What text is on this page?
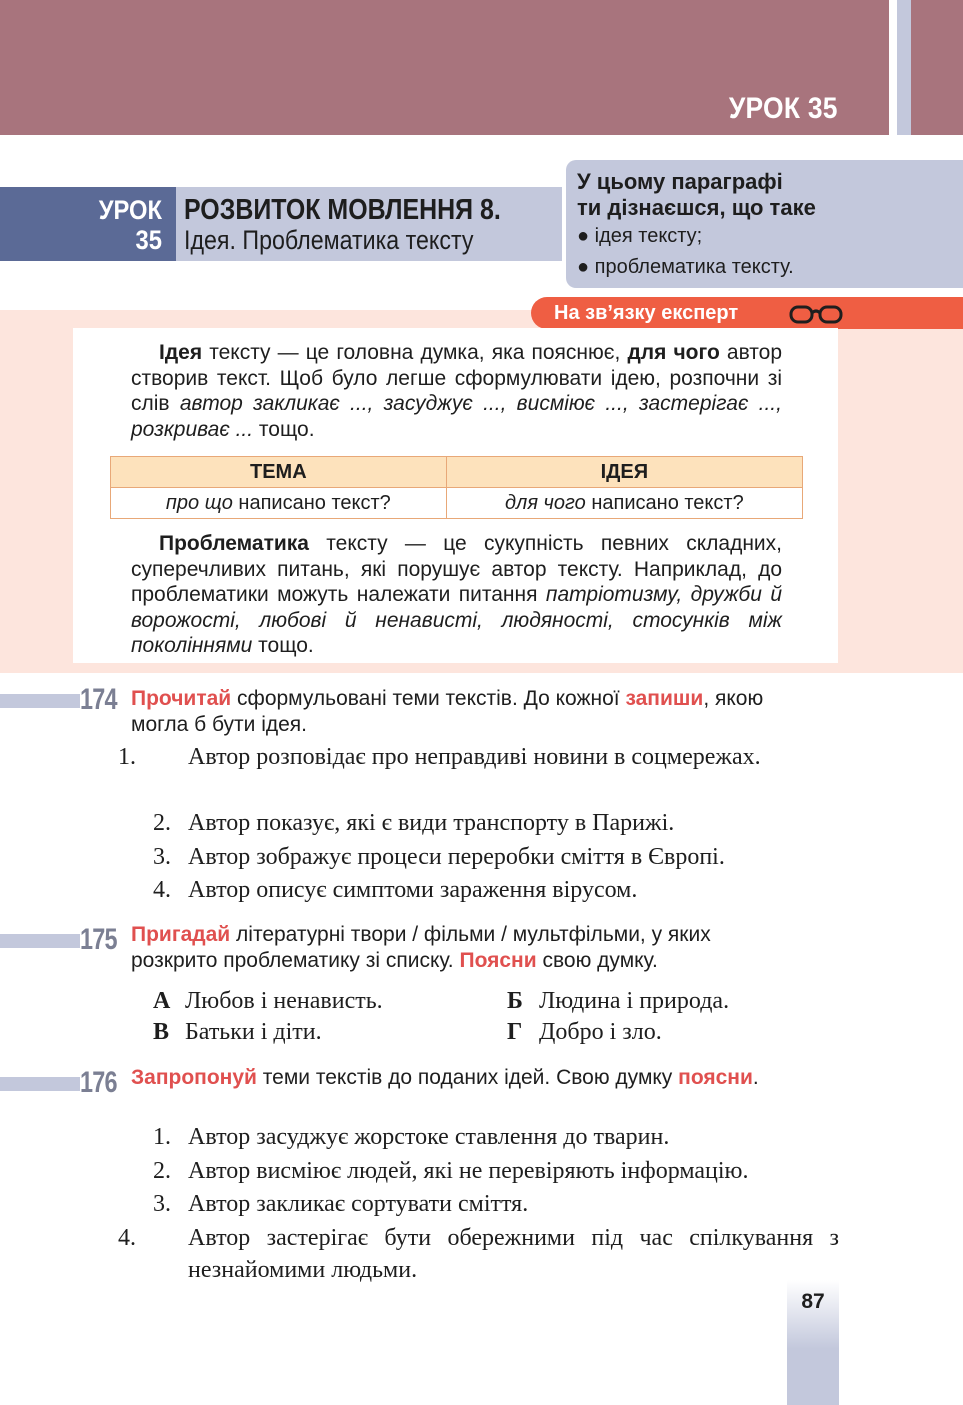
УРОК 35
УРОК
35
РОЗВИТОК МОВЛЕННЯ 8.
Ідея. Проблематика тексту
У цьому параграфі
ти дізнаєшся, що таке
● ідея тексту;
● проблематика тексту.
На зв’язку експерт
Ідея тексту — це головна думка, яка пояснює, для чого автор створив текст. Щоб було легше сформулювати ідею, розпочни зі слів автор закликає ..., засуджує ..., висміює ..., застерігає ..., розкриває ... тощо.
ТЕМА	ІДЕЯ
про що написано текст?	для чого написано текст?
Проблематика тексту — це сукупність певних складних, суперечливих питань, які порушує автор тексту. Наприклад, до проблематики можуть належати питання патріотизму, дружби й ворожості, любові й ненависті, людяності, стосунків між поколіннями тощо.
174 Прочитай сформульовані теми текстів. До кожної запиши, якою могла б бути ідея.
1. Автор розповідає про неправдиві новини в соцмережах.
2. Автор показує, які є види транспорту в Парижі.
3. Автор зображує процеси переробки сміття в Європі.
4. Автор описує симптоми зараження вірусом.
175 Пригадай літературні твори / фільми / мультфільми, у яких розкрито проблематику зі списку. Поясни свою думку.
А Любов і ненависть.	Б Людина і природа.
В Батьки і діти.	Г Добро і зло.
176 Запропонуй теми текстів до поданих ідей. Свою думку поясни.
1. Автор засуджує жорстоке ставлення до тварин.
2. Автор висміює людей, які не перевіряють інформацію.
3. Автор закликає сортувати сміття.
4. Автор застерігає бути обережними під час спілкування з незнайомими людьми.
87
